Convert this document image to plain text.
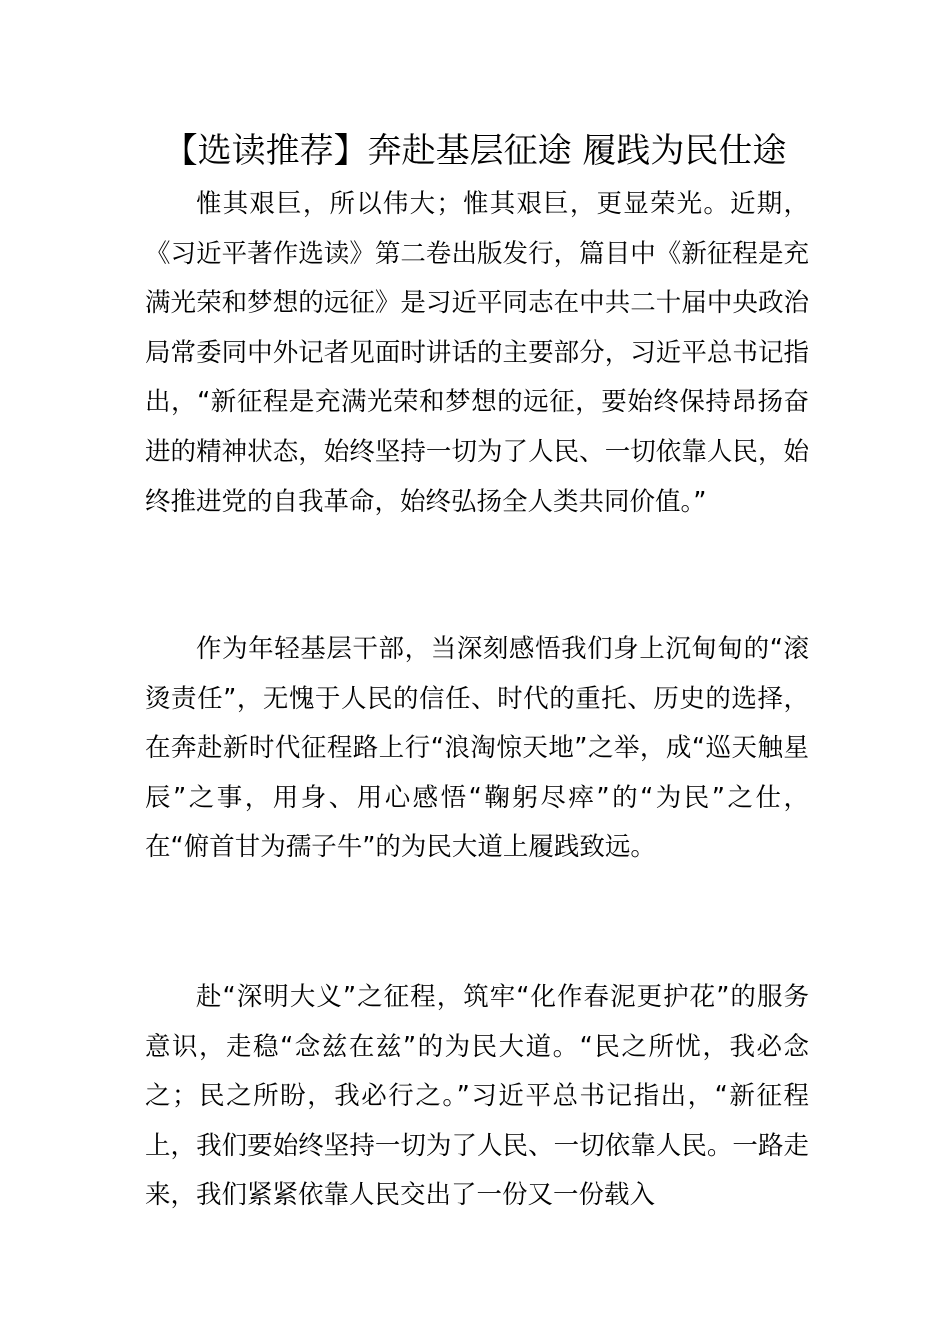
【选读推荐】奔赴基层征途 履践为民仕途

惟其艰巨，所以伟大；惟其艰巨，更显荣光。近期，《习近平著作选读》第二卷出版发行，篇目中《新征程是充满光荣和梦想的远征》是习近平同志在中共二十届中央政治局常委同中外记者见面时讲话的主要部分，习近平总书记指出，“新征程是充满光荣和梦想的远征，要始终保持昂扬奋进的精神状态，始终坚持一切为了人民、一切依靠人民，始终推进党的自我革命，始终弘扬全人类共同价值。”

作为年轻基层干部，当深刻感悟我们身上沉甸甸的“滚烫责任”，无愧于人民的信任、时代的重托、历史的选择，在奔赴新时代征程路上行“浪淘惊天地”之举，成“巡天触星辰”之事，用身、用心感悟“鞠躬尽瘁”的“为民”之仕，在“俯首甘为孺子牛”的为民大道上履践致远。

赴“深明大义”之征程，筑牢“化作春泥更护花”的服务意识，走稳“念兹在兹”的为民大道。“民之所忧，我必念之；民之所盼，我必行之。”习近平总书记指出，“新征程上，我们要始终坚持一切为了人民、一切依靠人民。一路走来，我们紧紧依靠人民交出了一份又一份载入
